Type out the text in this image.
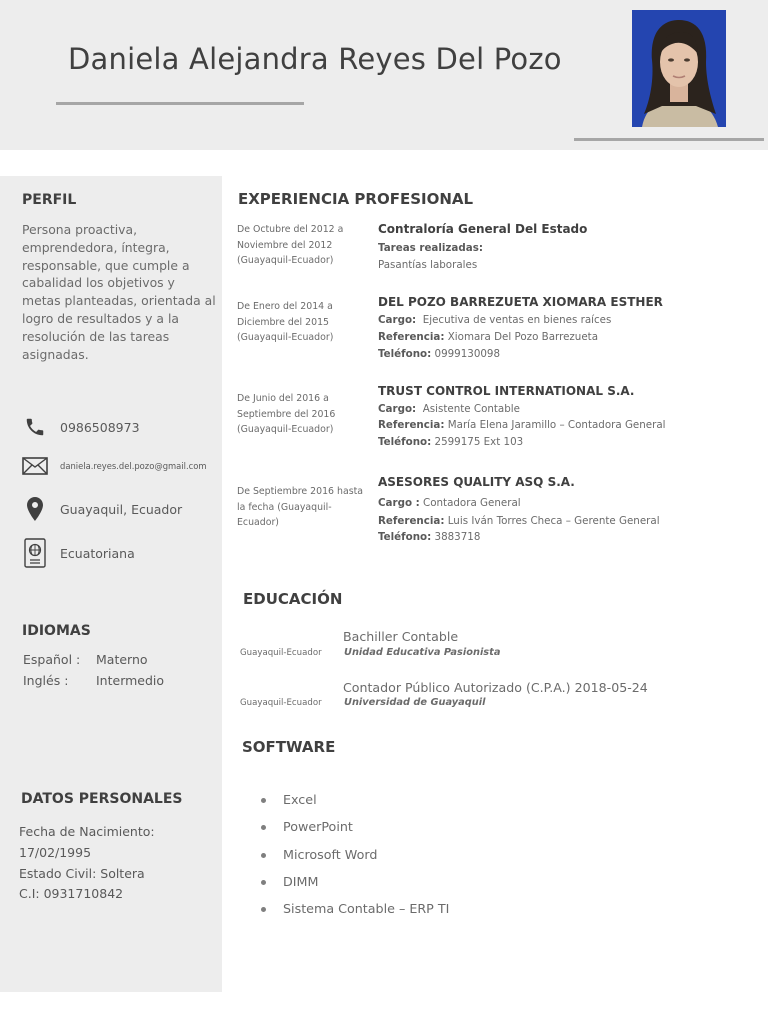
Daniela Alejandra Reyes Del Pozo
PERFIL
Persona proactiva, emprendedora, íntegra, responsable, que cumple a cabalidad los objetivos y metas planteadas, orientada al logro de resultados y a la resolución de las tareas asignadas.
0986508973
daniela.reyes.del.pozo@gmail.com
Guayaquil, Ecuador
Ecuatoriana
IDIOMAS
Español : Materno
Inglés : Intermedio
DATOS PERSONALES
Fecha de Nacimiento:
17/02/1995
Estado Civil: Soltera
C.I: 0931710842
EXPERIENCIA PROFESIONAL
De Octubre del 2012 a Noviembre del 2012 (Guayaquil-Ecuador)
Contraloría General Del Estado
Tareas realizadas:
Pasantías laborales
De Enero del 2014 a Diciembre del 2015 (Guayaquil-Ecuador)
DEL POZO BARREZUETA XIOMARA ESTHER
Cargo: Ejecutiva de ventas en bienes raíces
Referencia: Xiomara Del Pozo Barrezueta
Teléfono: 0999130098
De Junio del 2016 a Septiembre del 2016 (Guayaquil-Ecuador)
TRUST CONTROL INTERNATIONAL S.A.
Cargo: Asistente Contable
Referencia: María Elena Jaramillo – Contadora General
Teléfono: 2599175 Ext 103
De Septiembre 2016 hasta la fecha (Guayaquil-Ecuador)
ASESORES QUALITY ASQ S.A.
Cargo : Contadora General
Referencia: Luis Iván Torres Checa – Gerente General
Teléfono: 3883718
EDUCACIÓN
Guayaquil-Ecuador
Bachiller Contable
Unidad Educativa Pasionista
Guayaquil-Ecuador
Contador Público Autorizado (C.P.A.) 2018-05-24
Universidad de Guayaquil
SOFTWARE
Excel
PowerPoint
Microsoft Word
DIMM
Sistema Contable – ERP TI
